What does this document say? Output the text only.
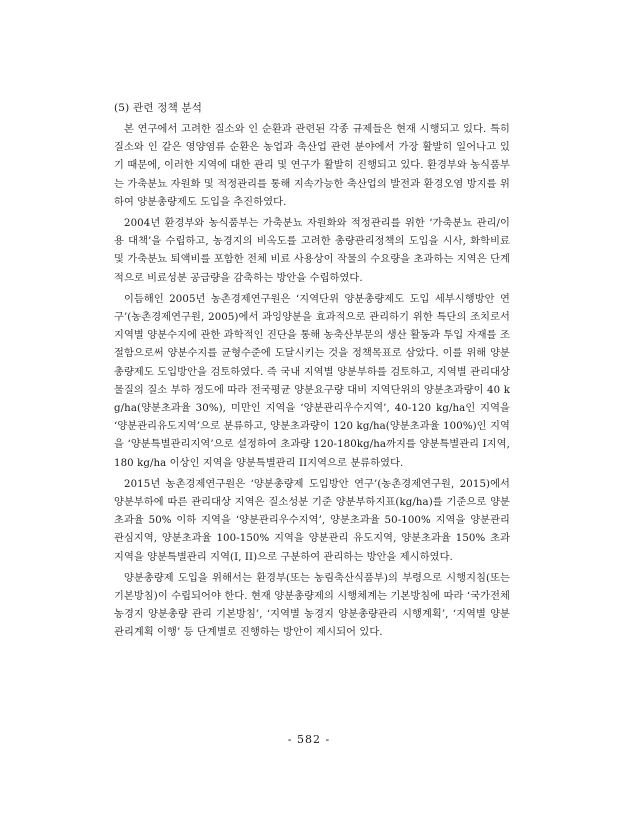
(5) 관련 정책 분석

본 연구에서 고려한 질소와 인 순환과 관련된 각종 규제들은 현재 시행되고 있다. 특히 질소와 인 같은 영양염류 순환은 농업과 축산업 관련 분야에서 가장 활발히 일어나고 있기 때문에, 이러한 지역에 대한 관리 및 연구가 활발히 진행되고 있다. 환경부와 농식품부는 가축분뇨 자원화 및 적정관리를 통해 지속가능한 축산업의 발전과 환경오염 방지를 위하여 양분총량제도 도입을 추진하였다.

2004년 환경부와 농식품부는 가축분뇨 자원화와 적정관리를 위한 ‘가축분뇨 관리/이용 대책’을 수립하고, 농경지의 비옥도를 고려한 총량관리정책의 도입을 시사, 화학비료 및 가축분뇨 퇴액비를 포함한 전체 비료 사용상이 작물의 수요량을 초과하는 지역은 단계적으로 비료성분 공급량을 감축하는 방안을 수립하였다.

이듬해인 2005년 농촌경제연구원은 ‘지역단위 양분총량제도 도입 세부시행방안 연구’(농촌경제연구원, 2005)에서 과잉양분을 효과적으로 관리하기 위한 특단의 조치로서 지역별 양분수지에 관한 과학적인 진단을 통해 농축산부문의 생산 활동과 투입 자재를 조절함으로써 양분수지를 균형수준에 도달시키는 것을 정책목표로 삼았다. 이를 위해 양분총량제도 도입방안을 검토하였다. 즉 국내 지역별 양분부하를 검토하고, 지역별 관리대상 물질의 질소 부하 정도에 따라 전국평균 양분요구량 대비 지역단위의 양분초과량이 40 kg/ha(양분초과율 30%), 미만인 지역을 ‘양분관리우수지역’, 40-120 kg/ha인 지역을 ‘양분관리유도지역’으로 분류하고, 양분초과량이 120 kg/ha(양분초과율 100%)인 지역을 ‘양분특별관리지역’으로 설정하여 초과량 120-180kg/ha까지를 양분특별관리 I지역, 180 kg/ha 이상인 지역을 양분특별관리 II지역으로 분류하였다.

2015년 농촌경제연구원은 ‘양분총량제 도입방안 연구’(농촌경제연구원, 2015)에서 양분부하에 따른 관리대상 지역은 질소성분 기준 양분부하지표(kg/ha)를 기준으로 양분초과율 50% 이하 지역을 ‘양분관리우수지역’, 양분초과율 50-100% 지역을 양분관리 관심지역, 양분초과율 100-150% 지역을 양분관리 유도지역, 양분초과율 150% 초과 지역을 양분특별관리 지역(I, II)으로 구분하여 관리하는 방안을 제시하였다.

양분총량제 도입을 위해서는 환경부(또는 농림축산식품부)의 부령으로 시행지침(또는 기본방침)이 수립되어야 한다. 현재 양분총량제의 시행체계는 기본방침에 따라 ‘국가전체 농경지 양분총량 관리 기본방침’, ‘지역별 농경지 양분총량관리 시행계획’, ‘지역별 양분관리계획 이행’ 등 단계별로 진행하는 방안이 제시되어 있다.

- 582 -
